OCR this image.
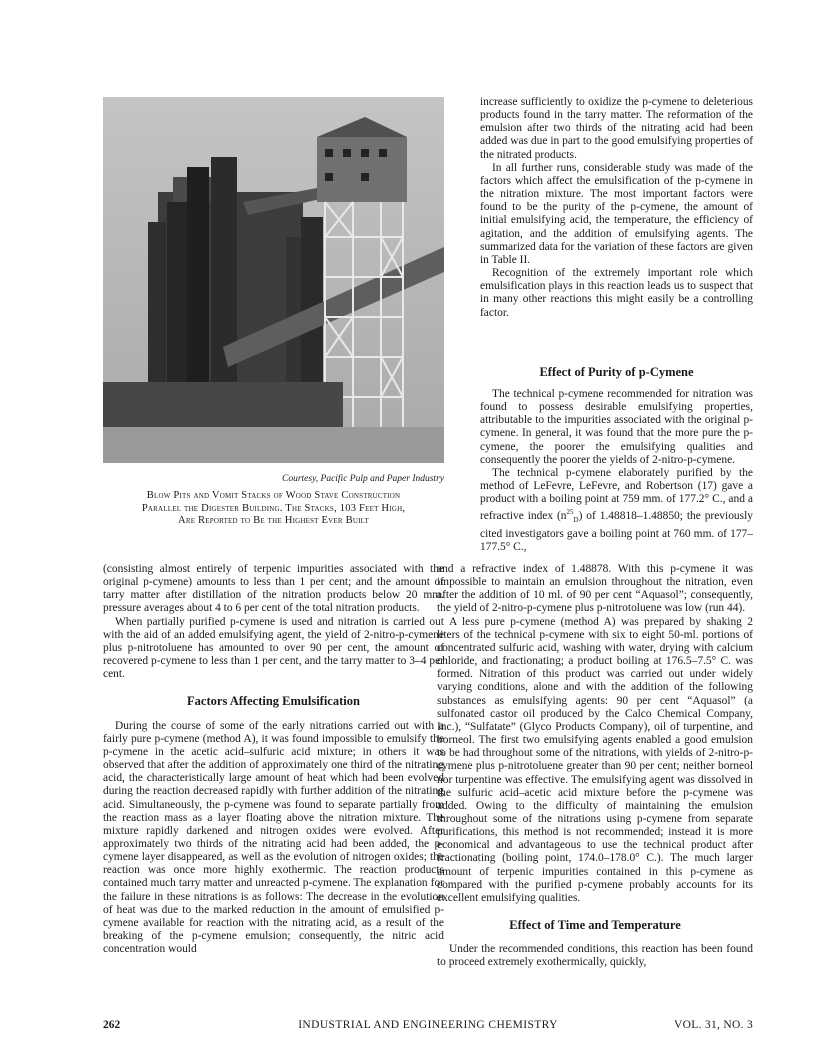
Courtesy, Pacific Pulp and Paper Industry
Blow Pits and Vomit Stacks of Wood Stave Construction
Parallel the Digester Building. The Stacks, 103 Feet High,
Are Reported to Be the Highest Ever Built

(consisting almost entirely of terpenic impurities associated with the original p-cymene) amounts to less than 1 per cent; and the amount of tarry matter after distillation of the nitration products below 20 mm. pressure averages about 4 to 6 per cent of the total nitration products.

When partially purified p-cymene is used and nitration is carried out with the aid of an added emulsifying agent, the yield of 2-nitro-p-cymene plus p-nitrotoluene has amounted to over 90 per cent, the amount of recovered p-cymene to less than 1 per cent, and the tarry matter to 3–4 per cent.

Factors Affecting Emulsification

During the course of some of the early nitrations carried out with a fairly pure p-cymene (method A), it was found impossible to emulsify the p-cymene in the acetic acid–sulfuric acid mixture; in others it was observed that after the addition of approximately one third of the nitrating acid, the characteristically large amount of heat which had been evolved during the reaction decreased rapidly with further addition of the nitrating acid. Simultaneously, the p-cymene was found to separate partially from the reaction mass as a layer floating above the nitration mixture. The mixture rapidly darkened and nitrogen oxides were evolved. After approximately two thirds of the nitrating acid had been added, the p-cymene layer disappeared, as well as the evolution of nitrogen oxides; the reaction was once more highly exothermic. The reaction products contained much tarry matter and unreacted p-cymene. The explanation for the failure in these nitrations is as follows: The decrease in the evolution of heat was due to the marked reduction in the amount of emulsified p-cymene available for reaction with the nitrating acid, as a result of the breaking of the p-cymene emulsion; consequently, the nitric acid concentration would

increase sufficiently to oxidize the p-cymene to deleterious products found in the tarry matter. The reformation of the emulsion after two thirds of the nitrating acid had been added was due in part to the good emulsifying properties of the nitrated products.

In all further runs, considerable study was made of the factors which affect the emulsification of the p-cymene in the nitration mixture. The most important factors were found to be the purity of the p-cymene, the amount of initial emulsifying acid, the temperature, the efficiency of agitation, and the addition of emulsifying agents. The summarized data for the variation of these factors are given in Table II.

Recognition of the extremely important role which emulsification plays in this reaction leads us to suspect that in many other reactions this might easily be a controlling factor.

Effect of Purity of p-Cymene

The technical p-cymene recommended for nitration was found to possess desirable emulsifying properties, attributable to the impurities associated with the original p-cymene. In general, it was found that the more pure the p-cymene, the poorer the emulsifying qualities and consequently the poorer the yields of 2-nitro-p-cymene.

The technical p-cymene elaborately purified by the method of LeFevre, LeFevre, and Robertson (17) gave a product with a boiling point at 759 mm. of 177.2° C., and a refractive index $(n^{25}_D)$ of 1.48818–1.48850; the previously cited investigators gave a boiling point at 760 mm. of 177–177.5° C.,

and a refractive index of 1.48878. With this p-cymene it was impossible to maintain an emulsion throughout the nitration, even after the addition of 10 ml. of 90 per cent “Aquasol”; consequently, the yield of 2-nitro-p-cymene plus p-nitrotoluene was low (run 44).

A less pure p-cymene (method A) was prepared by shaking 2 liters of the technical p-cymene with six to eight 50-ml. portions of concentrated sulfuric acid, washing with water, drying with calcium chloride, and fractionating; a product boiling at 176.5–7.5° C. was formed. Nitration of this product was carried out under widely varying conditions, alone and with the addition of the following substances as emulsifying agents: 90 per cent “Aquasol” (a sulfonated castor oil produced by the Calco Chemical Company, Inc.), “Sulfatate” (Glyco Products Company), oil of turpentine, and borneol. The first two emulsifying agents enabled a good emulsion to be had throughout some of the nitrations, with yields of 2-nitro-p-cymene plus p-nitrotoluene greater than 90 per cent; neither borneol nor turpentine was effective. The emulsifying agent was dissolved in the sulfuric acid–acetic acid mixture before the p-cymene was added. Owing to the difficulty of maintaining the emulsion throughout some of the nitrations using p-cymene from separate purifications, this method is not recommended; instead it is more economical and advantageous to use the technical product after fractionating (boiling point, 174.0–178.0° C.). The much larger amount of terpenic impurities contained in this p-cymene as compared with the purified p-cymene probably accounts for its excellent emulsifying qualities.

Effect of Time and Temperature

Under the recommended conditions, this reaction has been found to proceed extremely exothermically, quickly,

262	INDUSTRIAL AND ENGINEERING CHEMISTRY	VOL. 31, NO. 3
